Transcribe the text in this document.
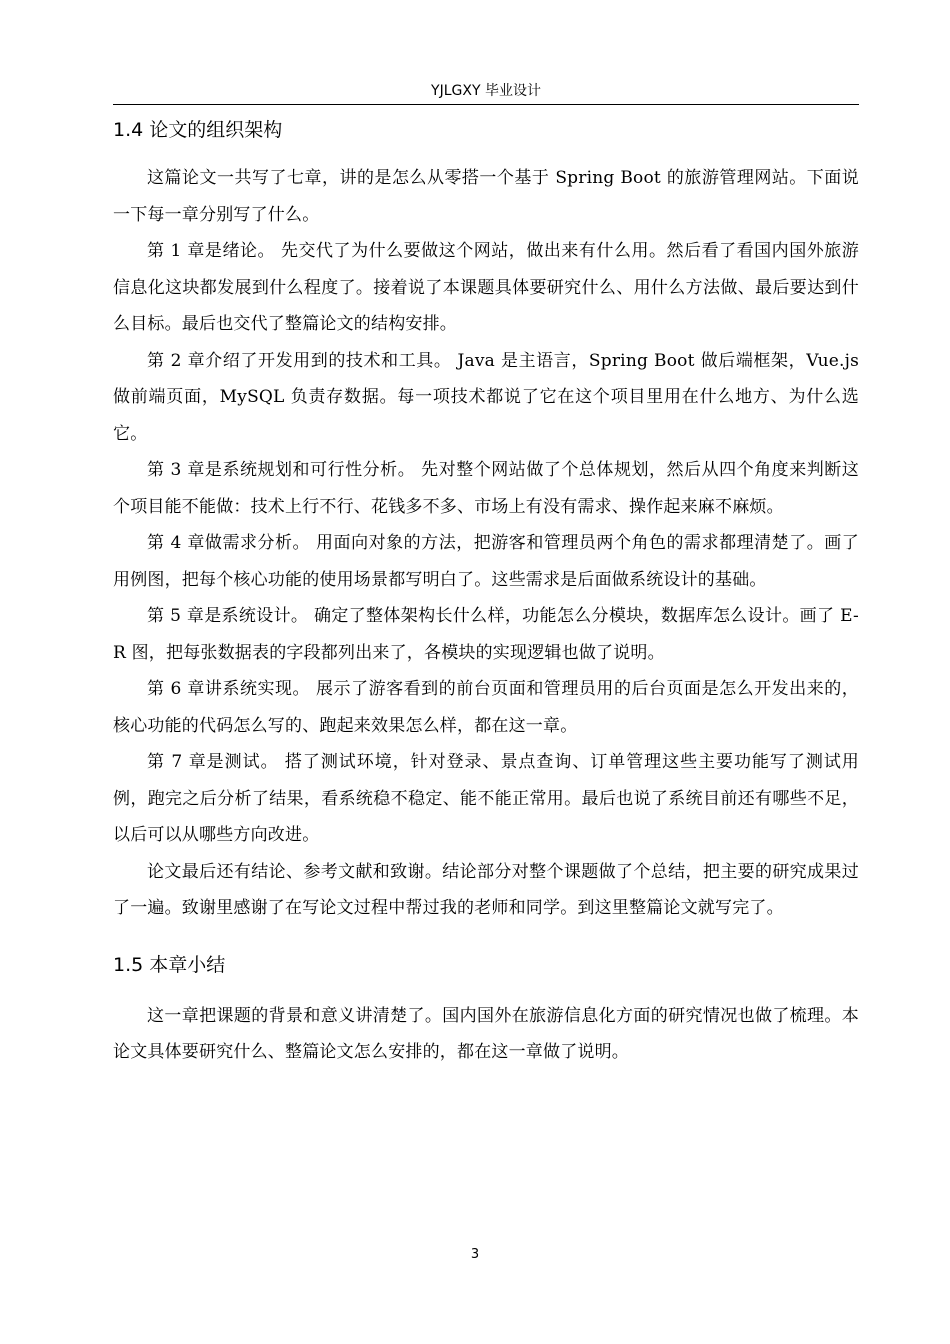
YJLGXY 毕业设计
1.4 论文的组织架构

这篇论文一共写了七章，讲的是怎么从零搭一个基于 Spring Boot 的旅游管理网站。下面说一下每一章分别写了什么。

第 1 章是绪论。 先交代了为什么要做这个网站，做出来有什么用。然后看了看国内国外旅游信息化这块都发展到什么程度了。接着说了本课题具体要研究什么、用什么方法做、最后要达到什么目标。最后也交代了整篇论文的结构安排。

第 2 章介绍了开发用到的技术和工具。 Java 是主语言，Spring Boot 做后端框架，Vue.js 做前端页面，MySQL 负责存数据。每一项技术都说了它在这个项目里用在什么地方、为什么选它。

第 3 章是系统规划和可行性分析。 先对整个网站做了个总体规划，然后从四个角度来判断这个项目能不能做：技术上行不行、花钱多不多、市场上有没有需求、操作起来麻不麻烦。

第 4 章做需求分析。 用面向对象的方法，把游客和管理员两个角色的需求都理清楚了。画了用例图，把每个核心功能的使用场景都写明白了。这些需求是后面做系统设计的基础。

第 5 章是系统设计。 确定了整体架构长什么样，功能怎么分模块，数据库怎么设计。画了 E-R 图，把每张数据表的字段都列出来了，各模块的实现逻辑也做了说明。

第 6 章讲系统实现。 展示了游客看到的前台页面和管理员用的后台页面是怎么开发出来的，核心功能的代码怎么写的、跑起来效果怎么样，都在这一章。

第 7 章是测试。 搭了测试环境，针对登录、景点查询、订单管理这些主要功能写了测试用例，跑完之后分析了结果，看系统稳不稳定、能不能正常用。最后也说了系统目前还有哪些不足，以后可以从哪些方向改进。

论文最后还有结论、参考文献和致谢。结论部分对整个课题做了个总结，把主要的研究成果过了一遍。致谢里感谢了在写论文过程中帮过我的老师和同学。到这里整篇论文就写完了。

1.5 本章小结

这一章把课题的背景和意义讲清楚了。国内国外在旅游信息化方面的研究情况也做了梳理。本论文具体要研究什么、整篇论文怎么安排的，都在这一章做了说明。

3
